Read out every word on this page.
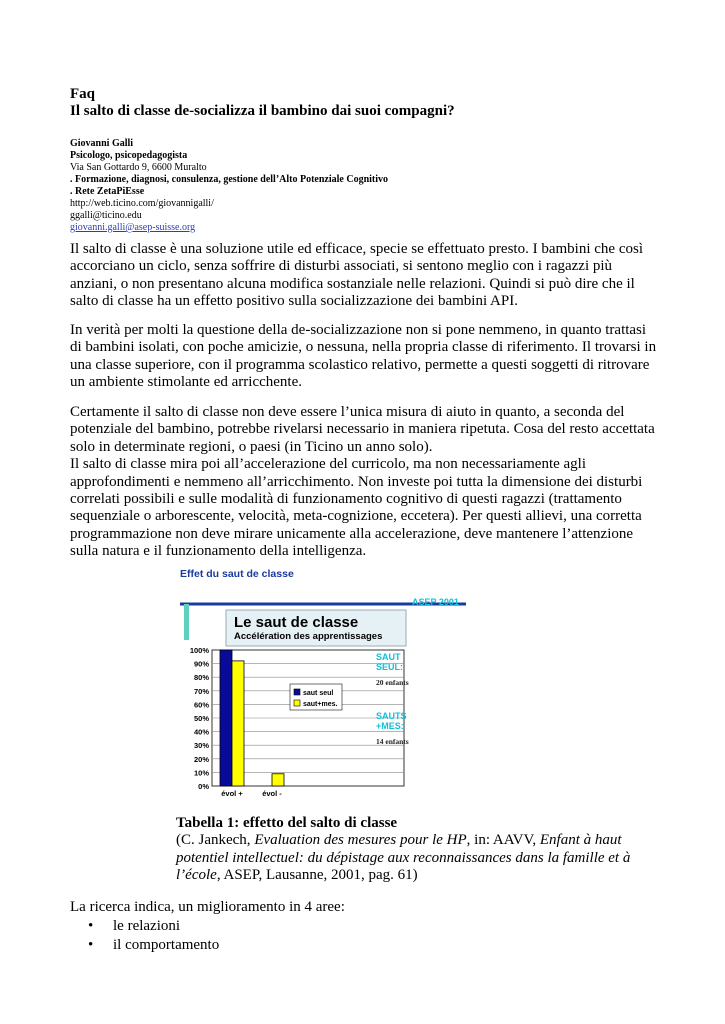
Faq
Il salto di classe de-socializza il bambino dai suoi compagni?
Giovanni Galli
Psicologo, psicopedagogista
Via San Gottardo 9, 6600 Muralto
. Formazione, diagnosi, consulenza, gestione dell’Alto Potenziale Cognitivo
. Rete ZetaPiEsse
http://web.ticino.com/giovannigalli/
ggalli@ticino.edu
giovanni.galli@asep-suisse.org
Il salto di classe è una soluzione utile ed efficace, specie se effettuato presto. I bambini che così accorciano un ciclo, senza soffrire di disturbi associati, si sentono meglio con i ragazzi più anziani, o non presentano alcuna modifica sostanziale nelle relazioni. Quindi si può dire che il salto di classe ha un effetto positivo sulla socializzazione dei bambini API.
In verità per molti la questione della de-socializzazione non si pone nemmeno, in quanto trattasi di bambini isolati, con poche amicizie, o nessuna, nella propria classe di riferimento. Il trovarsi in una classe superiore, con il programma scolastico relativo, permette a questi soggetti di ritrovare un ambiente stimolante ed arricchente.
Certamente il salto di classe non deve essere l’unica misura di aiuto in quanto, a seconda del potenziale del bambino, potrebbe rivelarsi necessario in maniera ripetuta. Cosa del resto accettata solo in determinate regioni, o paesi (in Ticino un anno solo).
Il salto di classe mira poi all’accelerazione del curricolo, ma non necessariamente agli approfondimenti e nemmeno all’arricchimento. Non investe poi tutta la dimensione dei disturbi correlati possibili e sulle modalità di funzionamento cognitivo di questi ragazzi (trattamento sequenziale o arborescente, velocità, meta-cognizione, eccetera). Per questi allievi, una corretta programmazione non deve mirare unicamente alla accelerazione, deve mantenere l’attenzione sulla natura e il funzionamento della intelligenza.
Effet du saut de classe
ASEP 2001
Le saut de classe
Accélération des apprentissages
0%
10%
20%
30%
40%
50%
60%
70%
80%
90%
100%
évol +	évol -
saut seul
saut+mes.
SAUT
SEUL:
20 enfants
SAUTS
+MES:
14 enfants
Tabella 1: effetto del salto di classe
(C. Jankech, Evaluation des mesures pour le HP, in: AAVV, Enfant à haut potentiel intellectuel: du dépistage aux reconnaissances dans la famille et à l’école, ASEP, Lausanne, 2001, pag. 61)
La ricerca indica, un miglioramento in 4 aree:
• le relazioni
• il comportamento
